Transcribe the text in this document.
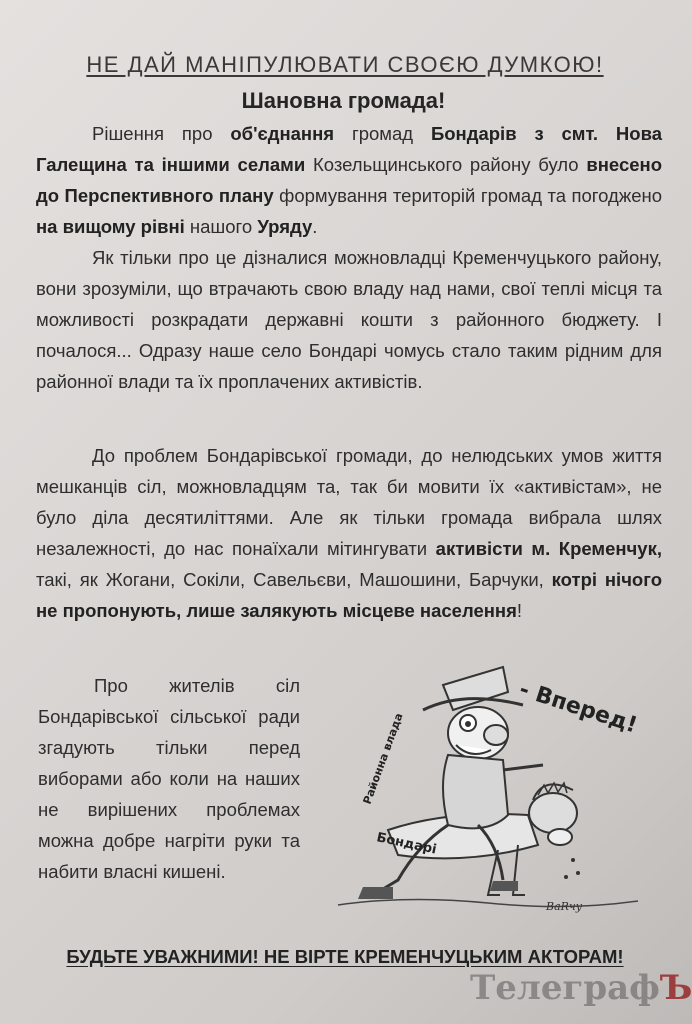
НЕ ДАЙ МАНІПУЛЮВАТИ СВОЄЮ ДУМКОЮ!
Шановна громада!
Рішення про об'єднання громад Бондарів з смт. Нова Галещина та іншими селами Козельщинського району було внесено до Перспективного плану формування територій громад та погоджено на вищому рівні нашого Уряду.
Як тільки про це дізналися можновладці Кременчуцького району, вони зрозуміли, що втрачають свою владу над нами, свої теплі місця та можливості розкрадати державні кошти з районного бюджету. І почалося... Одразу наше село Бондарі чомусь стало таким рідним для районної влади та їх проплачених активістів.
До проблем Бондарівської громади, до нелюдських умов життя мешканців сіл, можновладцям та, так би мовити їх «активістам», не було діла десятиліттями. Але як тільки громада вибрала шлях незалежності, до нас понаїхали мітингувати активісти м. Кременчук, такі, як Жогани, Сокіли, Савельєви, Машошини, Барчуки, котрі нічого не пропонують, лише залякують місцеве населення!
Про жителів сіл Бондарівської сільської ради згадують тільки перед виборами або коли на наших не вирішених проблемах можна добре нагріти руки та набити власні кишені.
- Вперед!
Районна влада
Бондарі
BaRчу
БУДЬТЕ УВАЖНИМИ! НЕ ВІРТЕ КРЕМЕНЧУЦЬКИМ АКТОРАМ!
ТелеграфЪ
